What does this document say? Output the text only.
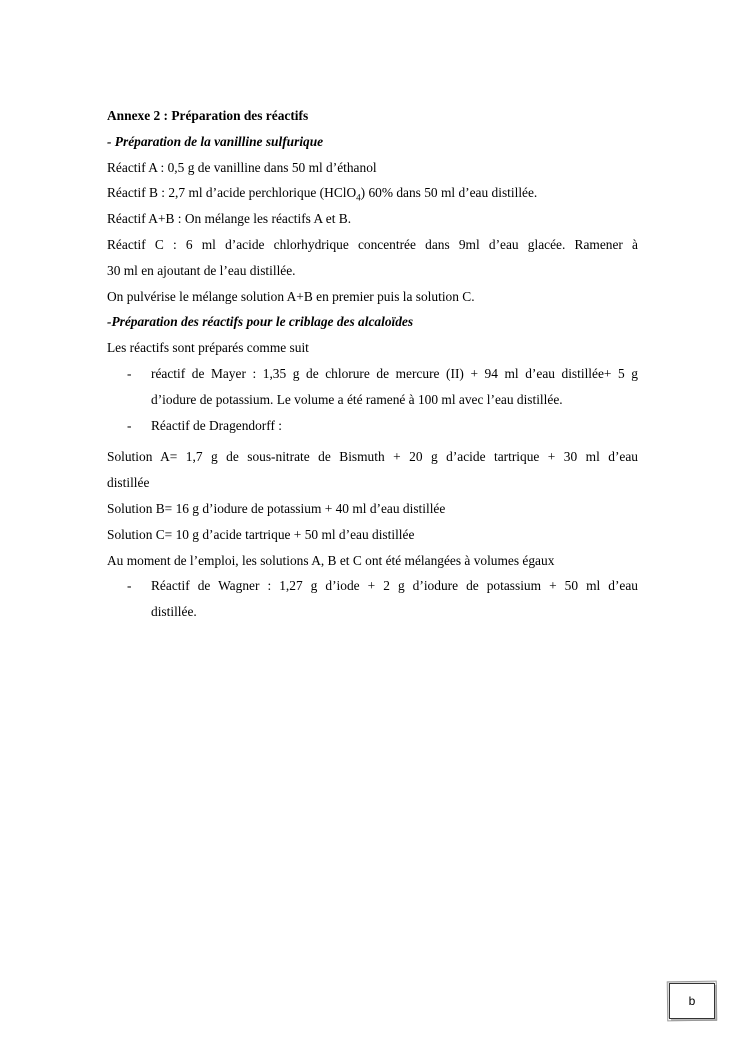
Annexe 2 : Préparation des réactifs
- Préparation de la vanilline sulfurique
Réactif A : 0,5 g de vanilline dans 50 ml d’éthanol
Réactif B : 2,7 ml d’acide perchlorique (HClO$_4$) 60% dans 50 ml d’eau distillée.
Réactif A+B : On mélange les réactifs A et B.
Réactif C : 6 ml d’acide chlorhydrique concentrée dans 9ml d’eau glacée. Ramener à
30 ml en ajoutant de l’eau distillée.
On pulvérise le mélange solution A+B en premier puis la solution C.
-Préparation des réactifs pour le criblage des alcaloïdes
Les réactifs sont préparés comme suit
- réactif de Mayer : 1,35 g de chlorure de mercure (II) + 94 ml d’eau distillée+ 5 g
d’iodure de potassium. Le volume a été ramené à 100 ml avec l’eau distillée.
- Réactif de Dragendorff :
Solution A= 1,7 g de sous-nitrate de Bismuth + 20 g d’acide tartrique + 30 ml d’eau
distillée
Solution B= 16 g d’iodure de potassium + 40 ml d’eau distillée
Solution C= 10 g d’acide tartrique + 50 ml d’eau distillée
Au moment de l’emploi, les solutions A, B et C ont été mélangées à volumes égaux
- Réactif de Wagner : 1,27 g d’iode + 2 g d’iodure de potassium + 50 ml d’eau
distillée.
b
